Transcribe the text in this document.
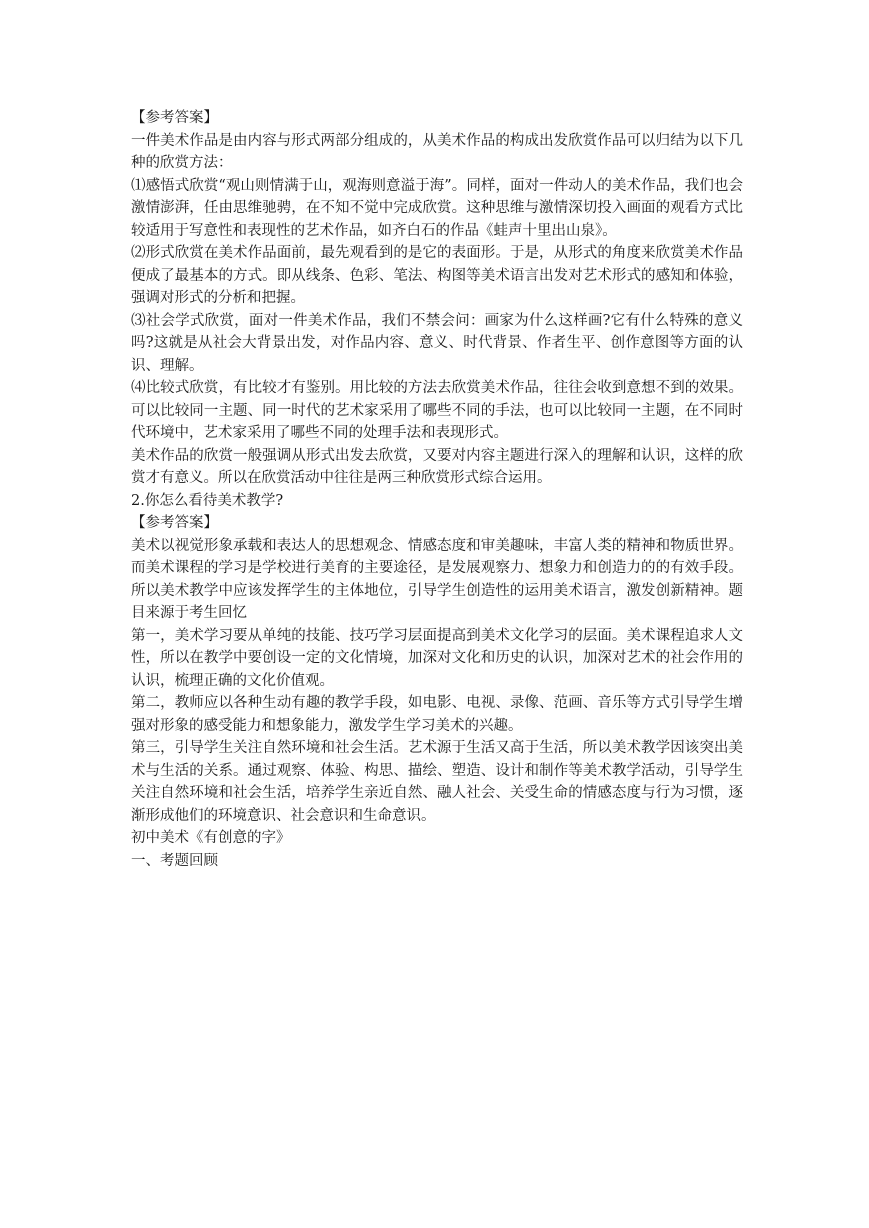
【参考答案】

一件美术作品是由内容与形式两部分组成的，从美术作品的构成出发欣赏作品可以归结为以下几种的欣赏方法：

⑴感悟式欣赏“观山则情满于山，观海则意溢于海”。同样，面对一件动人的美术作品，我们也会激情澎湃，任由思维驰骋，在不知不觉中完成欣赏。这种思维与激情深切投入画面的观看方式比较适用于写意性和表现性的艺术作品，如齐白石的作品《蛙声十里出山泉》。

⑵形式欣赏在美术作品面前，最先观看到的是它的表面形。于是，从形式的角度来欣赏美术作品便成了最基本的方式。即从线条、色彩、笔法、构图等美术语言出发对艺术形式的感知和体验，强调对形式的分析和把握。

⑶社会学式欣赏，面对一件美术作品，我们不禁会问：画家为什么这样画?它有什么特殊的意义吗?这就是从社会大背景出发，对作品内容、意义、时代背景、作者生平、创作意图等方面的认识、理解。

⑷比较式欣赏，有比较才有鉴别。用比较的方法去欣赏美术作品，往往会收到意想不到的效果。可以比较同一主题、同一时代的艺术家采用了哪些不同的手法，也可以比较同一主题，在不同时代环境中，艺术家采用了哪些不同的处理手法和表现形式。

美术作品的欣赏一般强调从形式出发去欣赏，又要对内容主题进行深入的理解和认识，这样的欣赏才有意义。所以在欣赏活动中往往是两三种欣赏形式综合运用。

2.你怎么看待美术教学?

【参考答案】

美术以视觉形象承载和表达人的思想观念、情感态度和审美趣味，丰富人类的精神和物质世界。而美术课程的学习是学校进行美育的主要途径，是发展观察力、想象力和创造力的的有效手段。所以美术教学中应该发挥学生的主体地位，引导学生创造性的运用美术语言，激发创新精神。题目来源于考生回忆

第一，美术学习要从单纯的技能、技巧学习层面提高到美术文化学习的层面。美术课程追求人文性，所以在教学中要创设一定的文化情境，加深对文化和历史的认识，加深对艺术的社会作用的认识，梳理正确的文化价值观。

第二，教师应以各种生动有趣的教学手段，如电影、电视、录像、范画、音乐等方式引导学生增强对形象的感受能力和想象能力，激发学生学习美术的兴趣。

第三，引导学生关注自然环境和社会生活。艺术源于生活又高于生活，所以美术教学因该突出美术与生活的关系。通过观察、体验、构思、描绘、塑造、设计和制作等美术教学活动，引导学生关注自然环境和社会生活，培养学生亲近自然、融人社会、关受生命的情感态度与行为习惯，逐渐形成他们的环境意识、社会意识和生命意识。

初中美术《有创意的字》

一、考题回顾
